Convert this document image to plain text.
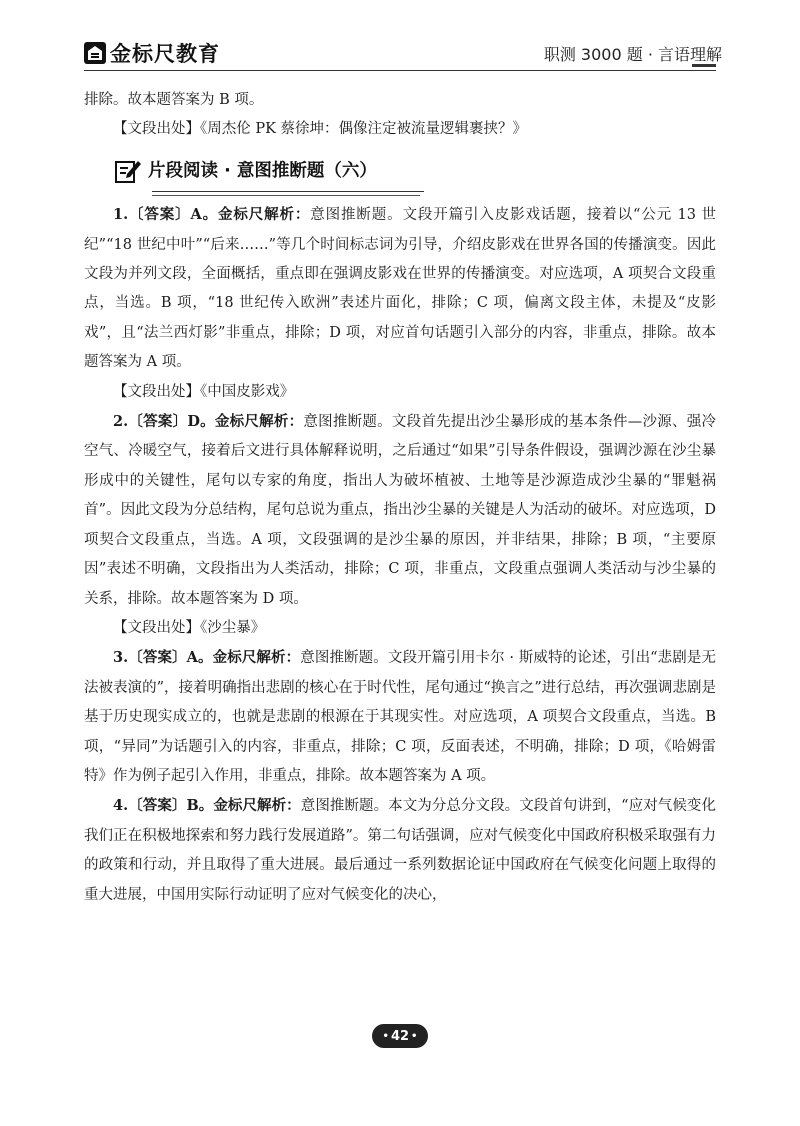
金标尺教育	职测 3000 题 · 言语理解

排除。故本题答案为 B 项。

【文段出处】《周杰伦 PK 蔡徐坤：偶像注定被流量逻辑裹挟？》

片段阅读 · 意图推断题（六）

1.〔答案〕A。金标尺解析：意图推断题。文段开篇引入皮影戏话题，接着以“公元 13 世纪”“18 世纪中叶”“后来……”等几个时间标志词为引导，介绍皮影戏在世界各国的传播演变。因此文段为并列文段，全面概括，重点即在强调皮影戏在世界的传播演变。对应选项，A 项契合文段重点，当选。B 项，“18 世纪传入欧洲”表述片面化，排除；C 项，偏离文段主体，未提及“皮影戏”，且“法兰西灯影”非重点，排除；D 项，对应首句话题引入部分的内容，非重点，排除。故本题答案为 A 项。

【文段出处】《中国皮影戏》

2.〔答案〕D。金标尺解析：意图推断题。文段首先提出沙尘暴形成的基本条件—沙源、强冷空气、冷暖空气，接着后文进行具体解释说明，之后通过“如果”引导条件假设，强调沙源在沙尘暴形成中的关键性，尾句以专家的角度，指出人为破坏植被、土地等是沙源造成沙尘暴的“罪魁祸首”。因此文段为分总结构，尾句总说为重点，指出沙尘暴的关键是人为活动的破坏。对应选项，D 项契合文段重点，当选。A 项，文段强调的是沙尘暴的原因，并非结果，排除；B 项，“主要原因”表述不明确，文段指出为人类活动，排除；C 项，非重点，文段重点强调人类活动与沙尘暴的关系，排除。故本题答案为 D 项。

【文段出处】《沙尘暴》

3.〔答案〕A。金标尺解析：意图推断题。文段开篇引用卡尔 · 斯威特的论述，引出“悲剧是无法被表演的”，接着明确指出悲剧的核心在于时代性，尾句通过“换言之”进行总结，再次强调悲剧是基于历史现实成立的，也就是悲剧的根源在于其现实性。对应选项，A 项契合文段重点，当选。B 项，“异同”为话题引入的内容，非重点，排除；C 项，反面表述，不明确，排除；D 项，《哈姆雷特》作为例子起引入作用，非重点，排除。故本题答案为 A 项。

4.〔答案〕B。金标尺解析：意图推断题。本文为分总分文段。文段首句讲到，“应对气候变化我们正在积极地探索和努力践行发展道路”。第二句话强调，应对气候变化中国政府积极采取强有力的政策和行动，并且取得了重大进展。最后通过一系列数据论证中国政府在气候变化问题上取得的重大进展，中国用实际行动证明了应对气候变化的决心，

• 42 •
